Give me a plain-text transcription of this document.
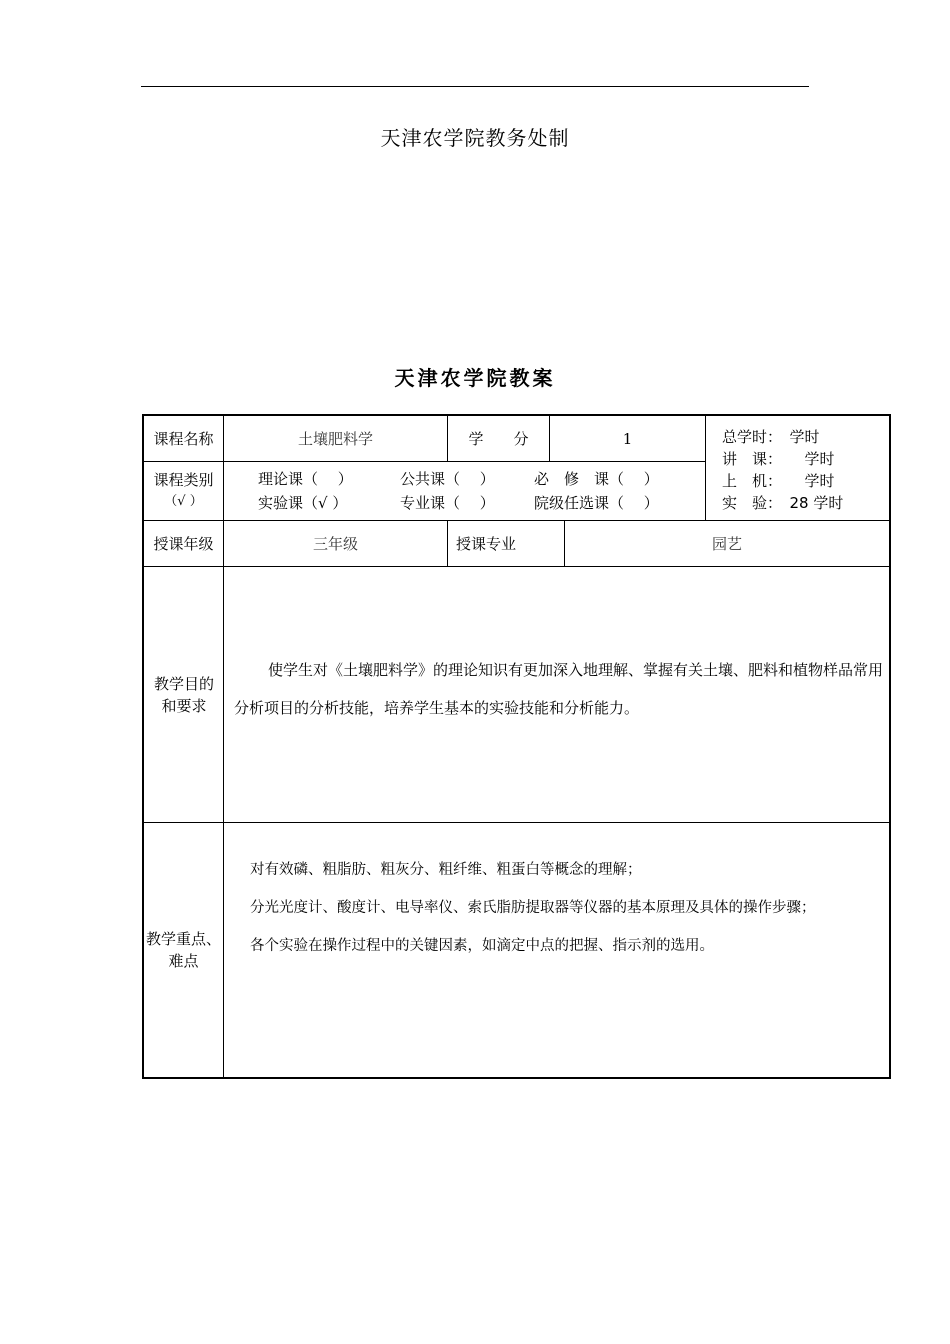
天津农学院教务处制
天津农学院教案
课程名称	土壤肥料学	学　　分	1
课程类别
（√ ）
理论课（　 ）	公共课（　 ）	必　修　课（　 ）
实验课（√ ）	专业课（　 ）	院级任选课（　 ）
总学时：　学时
讲　课：　　学时
上　机：　　学时
实　验：　28 学时
授课年级	三年级	授课专业	园艺
教学目的和要求
使学生对《土壤肥料学》的理论知识有更加深入地理解、掌握有关土壤、肥料和植物样品常用分析项目的分析技能，培养学生基本的实验技能和分析能力。
教学重点、难点
对有效磷、粗脂肪、粗灰分、粗纤维、粗蛋白等概念的理解；
分光光度计、酸度计、电导率仪、索氏脂肪提取器等仪器的基本原理及具体的操作步骤；
各个实验在操作过程中的关键因素，如滴定中点的把握、指示剂的选用。
